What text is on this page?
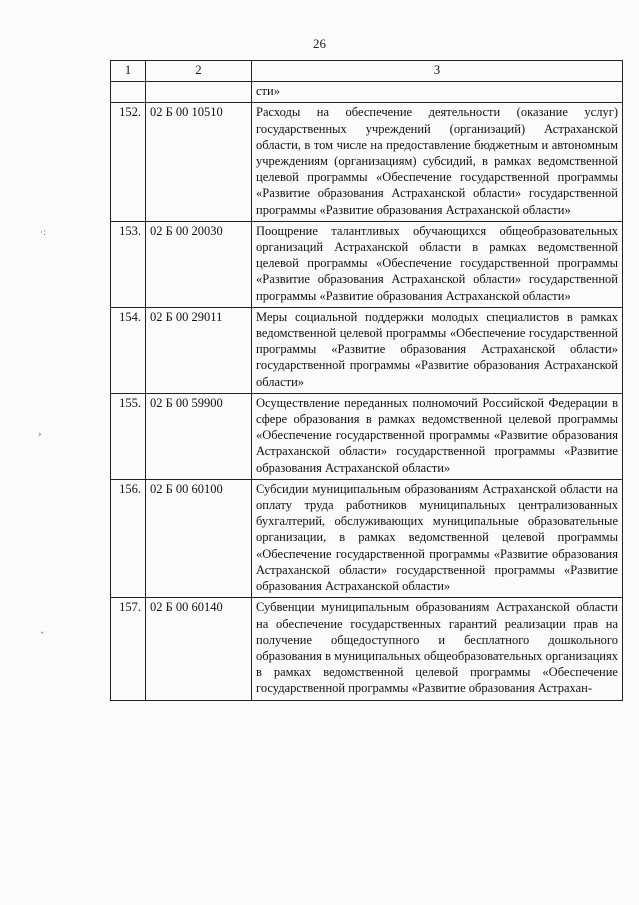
26
·:
›
ˇ
1	2	3
		сти»
152.	02 Б 00 10510	Расходы на обеспечение деятельности (оказание услуг) государственных учреждений (организаций) Астраханской области, в том числе на предоставление бюджетным и автономным учреждениям (организациям) субсидий, в рамках ведомственной целевой программы «Обеспечение государственной программы «Развитие образования Астраханской области» государственной программы «Развитие образования Астраханской области»
153.	02 Б 00 20030	Поощрение талантливых обучающихся общеобразовательных организаций Астраханской области в рамках ведомственной целевой программы «Обеспечение государственной программы «Развитие образования Астраханской области» государственной программы «Развитие образования Астраханской области»
154.	02 Б 00 29011	Меры социальной поддержки молодых специалистов в рамках ведомственной целевой программы «Обеспечение государственной программы «Развитие образования Астраханской области» государственной программы «Развитие образования Астраханской области»
155.	02 Б 00 59900	Осуществление переданных полномочий Российской Федерации в сфере образования в рамках ведомственной целевой программы «Обеспечение государственной программы «Развитие образования Астраханской области» государственной программы «Развитие образования Астраханской области»
156.	02 Б 00 60100	Субсидии муниципальным образованиям Астраханской области на оплату труда работников муниципальных централизованных бухгалтерий, обслуживающих муниципальные образовательные организации, в рамках ведомственной целевой программы «Обеспечение государственной программы «Развитие образования Астраханской области» государственной программы «Развитие образования Астраханской области»
157.	02 Б 00 60140	Субвенции муниципальным образованиям Астраханской области на обеспечение государственных гарантий реализации прав на получение общедоступного и бесплатного дошкольного образования в муниципальных общеобразовательных организациях в рамках ведомственной целевой программы «Обеспечение государственной программы «Развитие образования Астрахан-
